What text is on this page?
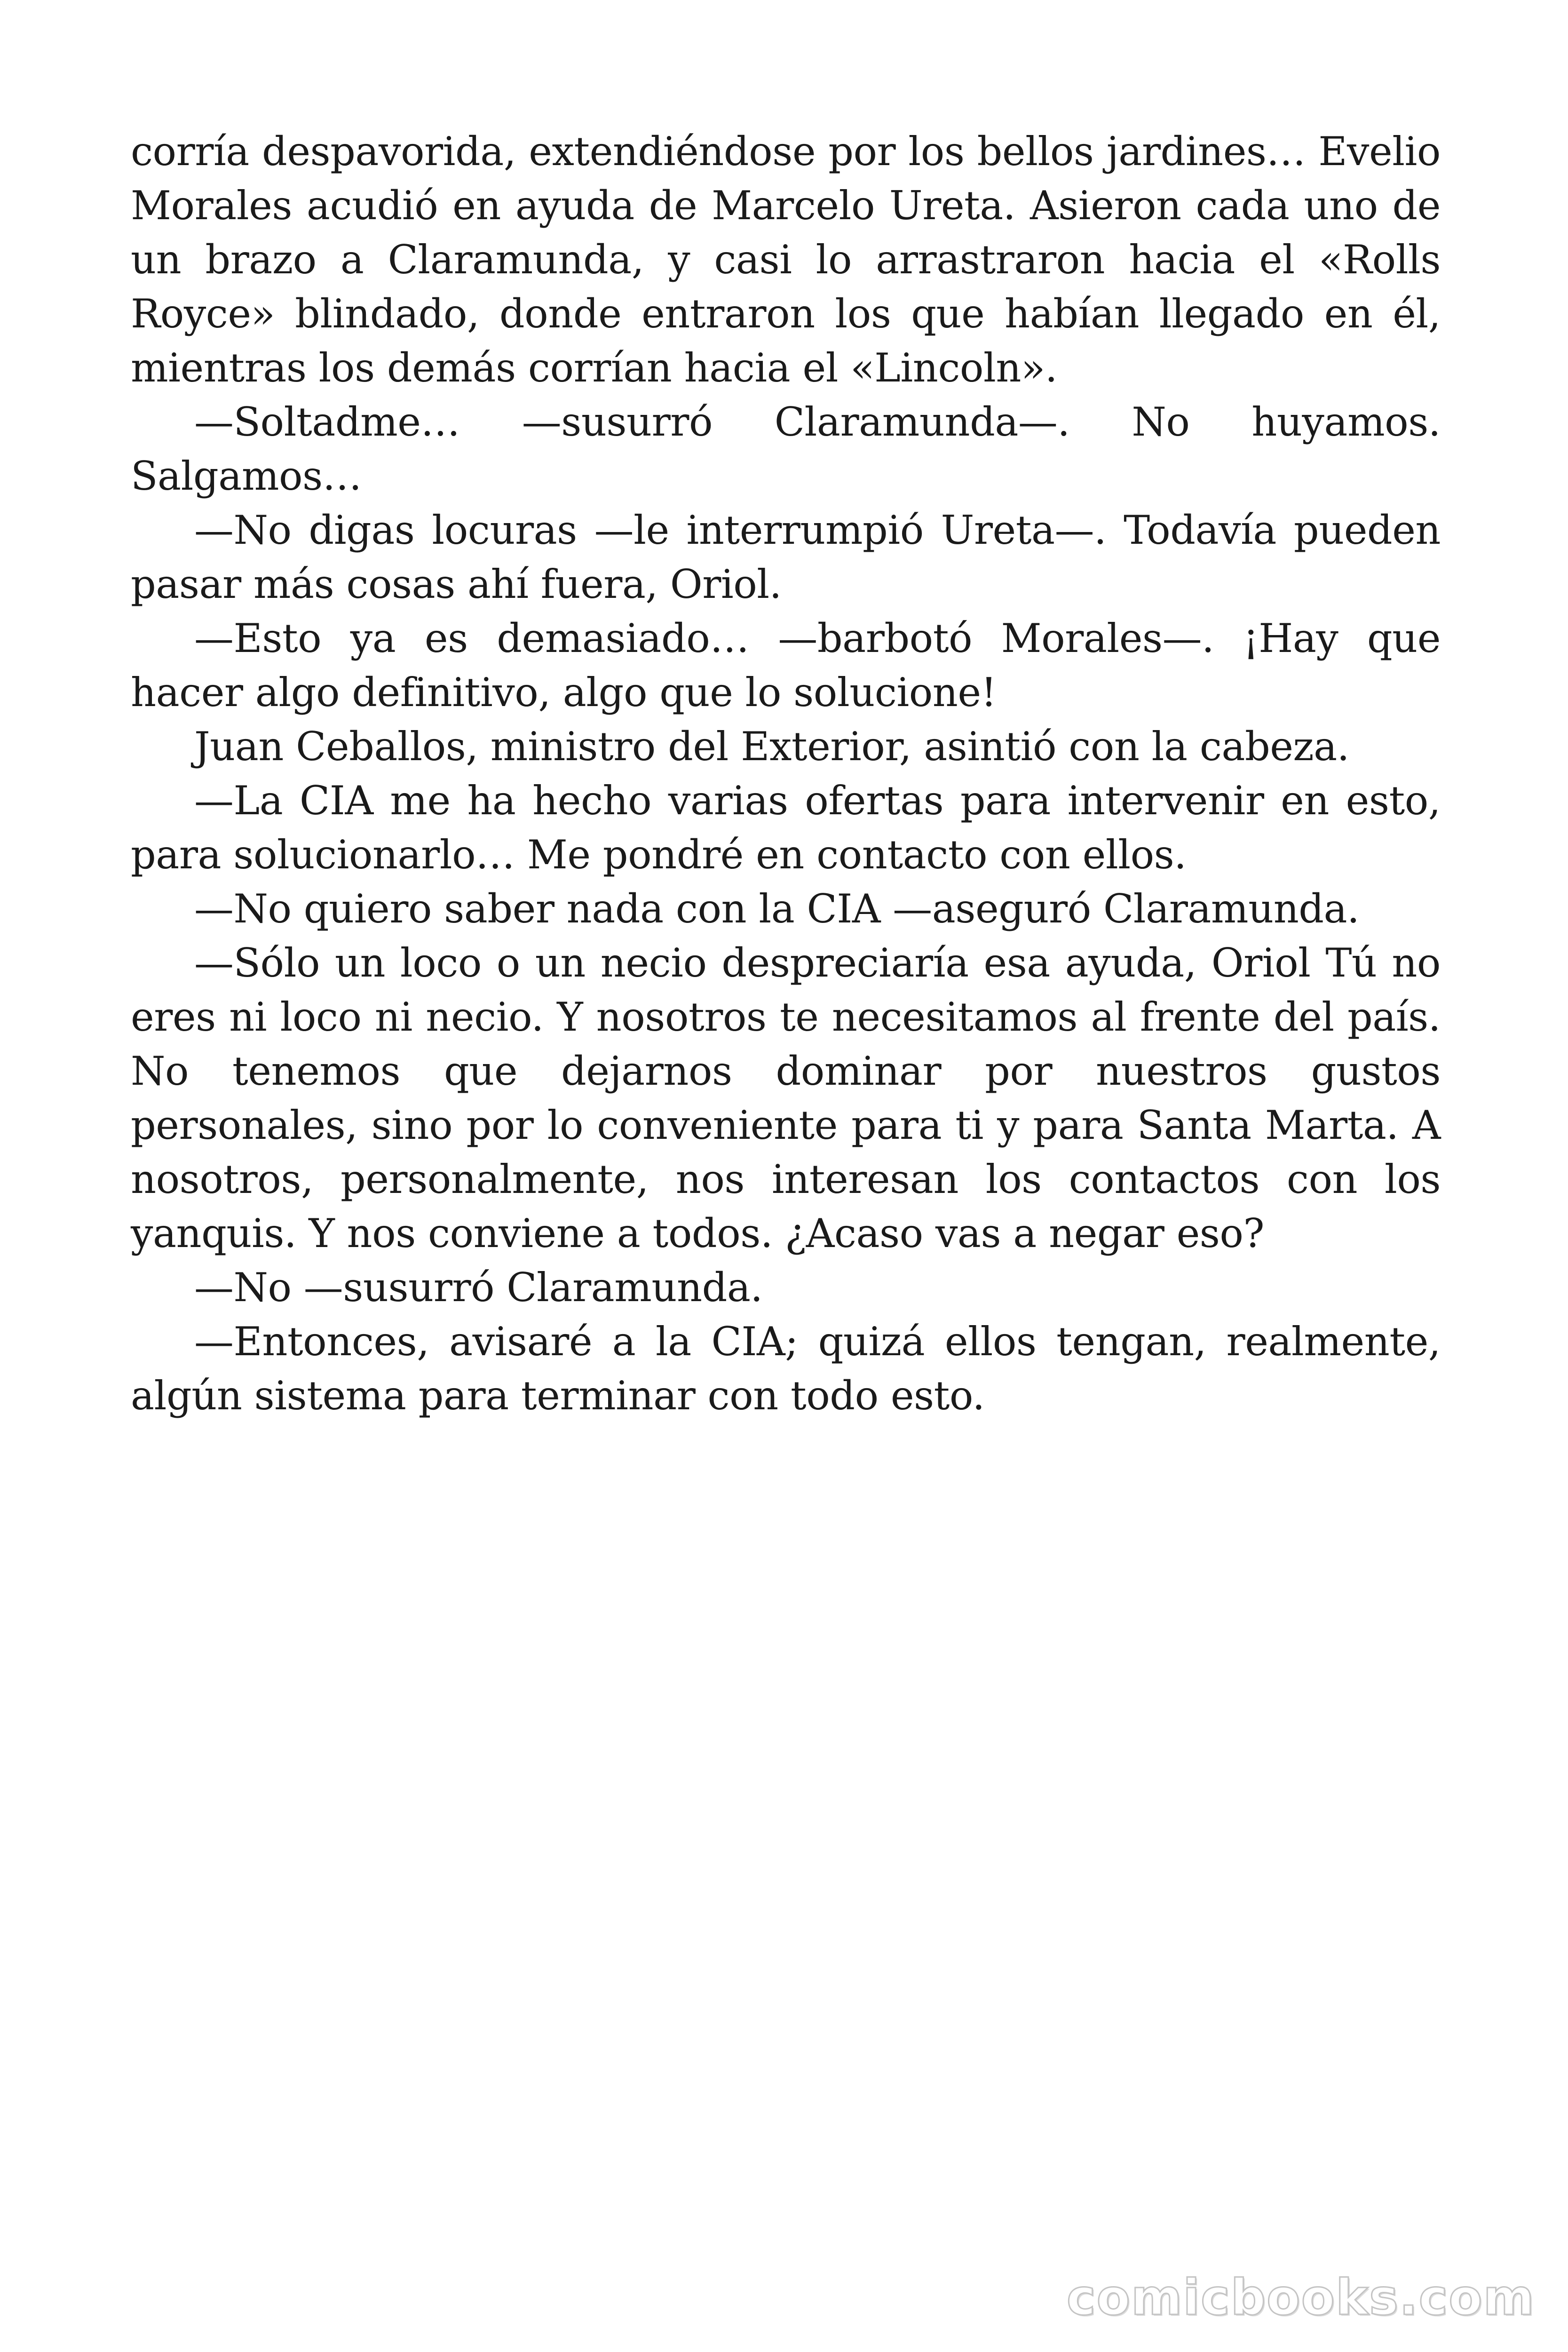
corría despavorida, extendiéndose por los bellos jardines… Evelio Morales acudió en ayuda de Marcelo Ureta. Asieron cada uno de un brazo a Claramunda, y casi lo arrastraron hacia el «Rolls Royce» blindado, donde entraron los que habían llegado en él, mientras los demás corrían hacia el «Lincoln».

—Soltadme… —susurró Claramunda—. No huyamos. Salgamos…

—No digas locuras —le interrumpió Ureta—. Todavía pueden pasar más cosas ahí fuera, Oriol.

—Esto ya es demasiado… —barbotó Morales—. ¡Hay que hacer algo definitivo, algo que lo solucione!

Juan Ceballos, ministro del Exterior, asintió con la cabeza.

—La CIA me ha hecho varias ofertas para intervenir en esto, para solucionarlo… Me pondré en contacto con ellos.

—No quiero saber nada con la CIA —aseguró Claramunda.

—Sólo un loco o un necio despreciaría esa ayuda, Oriol Tú no eres ni loco ni necio. Y nosotros te necesitamos al frente del país. No tenemos que dejarnos dominar por nuestros gustos personales, sino por lo conveniente para ti y para Santa Marta. A nosotros, personalmente, nos interesan los contactos con los yanquis. Y nos conviene a todos. ¿Acaso vas a negar eso?

—No —susurró Claramunda.

—Entonces, avisaré a la CIA; quizá ellos tengan, realmente, algún sistema para terminar con todo esto.

comicbooks.com
